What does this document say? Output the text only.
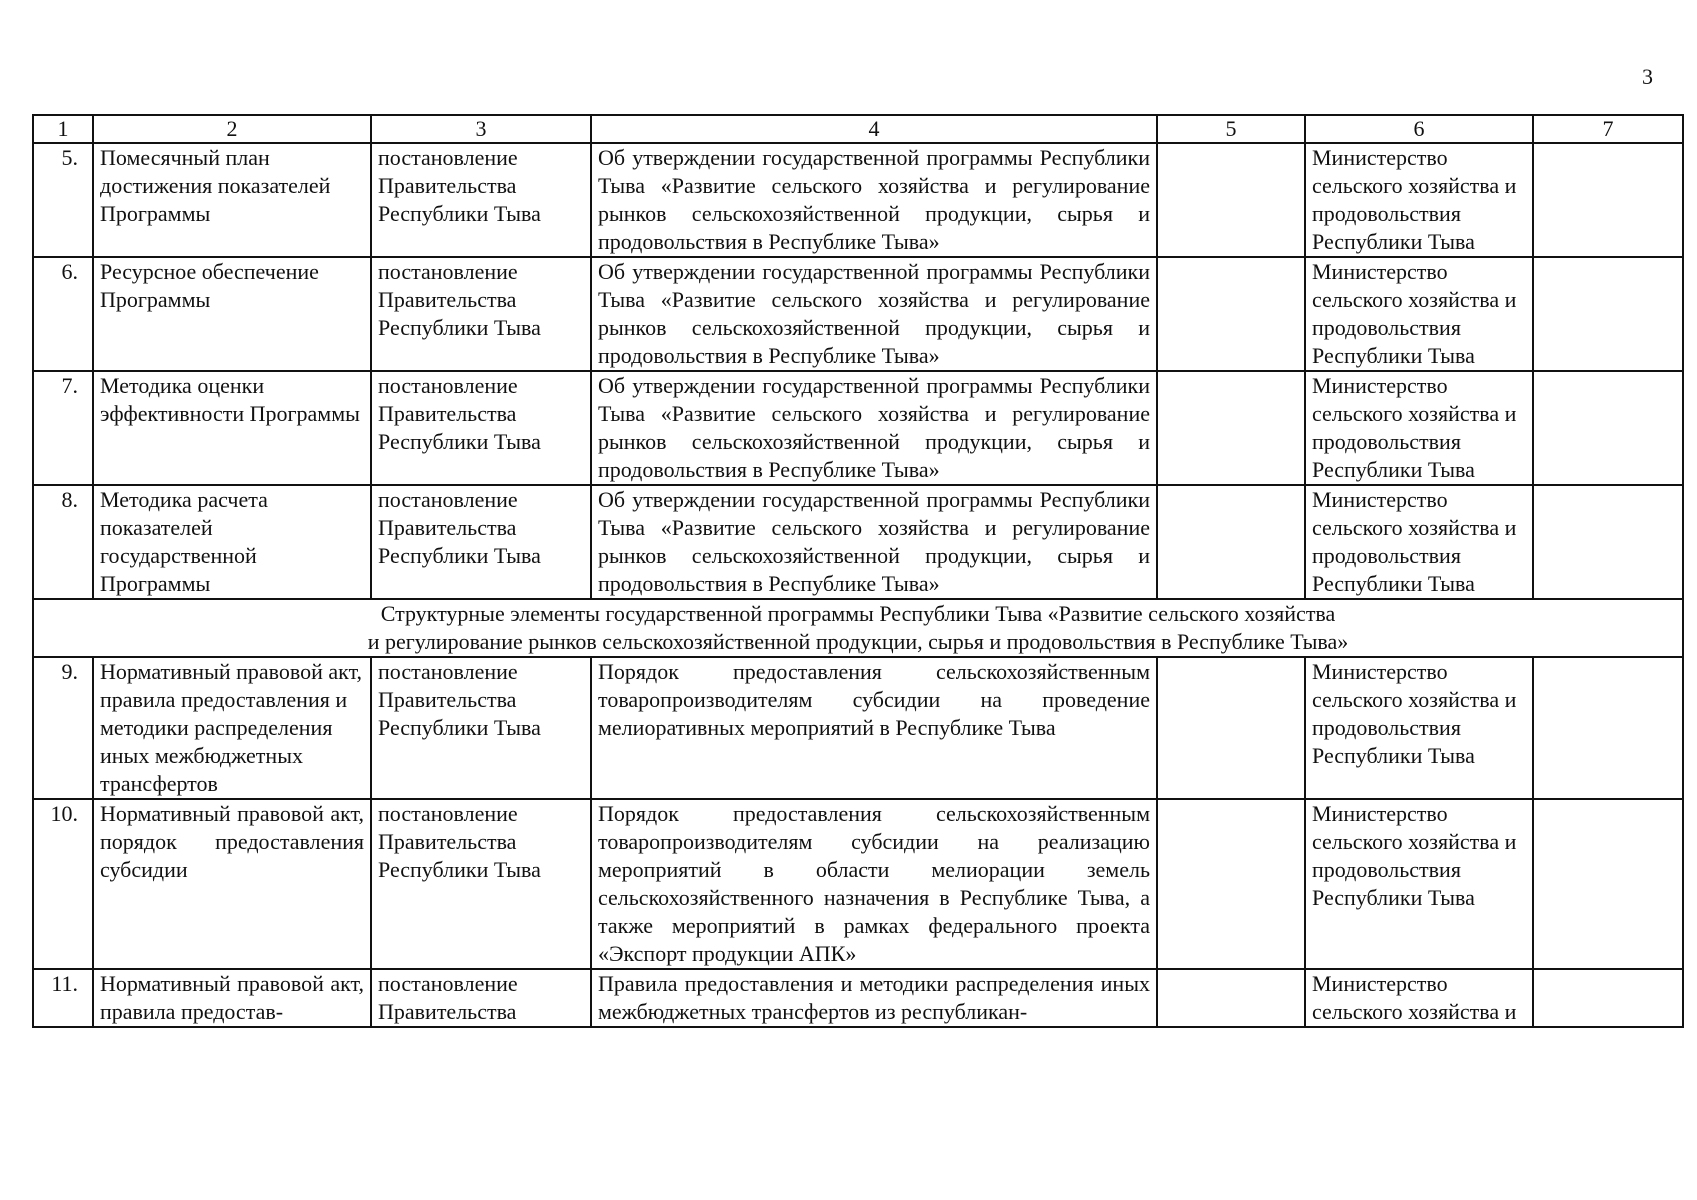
3
1	2	3	4	5	6	7
5.	Помесячный план достижения показателей Программы	постановление Правительства Республики Тыва	Об утверждении государственной программы Республики Тыва «Развитие сельского хозяйства и регулирование рынков сельскохозяйственной продукции, сырья и продовольствия в Республике Тыва»		Министерство сельского хозяйства и продовольствия Республики Тыва	
6.	Ресурсное обеспечение Программы	постановление Правительства Республики Тыва	Об утверждении государственной программы Республики Тыва «Развитие сельского хозяйства и регулирование рынков сельскохозяйственной продукции, сырья и продовольствия в Республике Тыва»		Министерство сельского хозяйства и продовольствия Республики Тыва	
7.	Методика оценки эффективности Программы	постановление Правительства Республики Тыва	Об утверждении государственной программы Республики Тыва «Развитие сельского хозяйства и регулирование рынков сельскохозяйственной продукции, сырья и продовольствия в Республике Тыва»		Министерство сельского хозяйства и продовольствия Республики Тыва	
8.	Методика расчета показателей государственной Программы	постановление Правительства Республики Тыва	Об утверждении государственной программы Республики Тыва «Развитие сельского хозяйства и регулирование рынков сельскохозяйственной продукции, сырья и продовольствия в Республике Тыва»		Министерство сельского хозяйства и продовольствия Республики Тыва	

Структурные элементы государственной программы Республики Тыва «Развитие сельского хозяйства
и регулирование рынков сельскохозяйственной продукции, сырья и продовольствия в Республике Тыва»						

9.	Нормативный правовой акт, правила предоставления и методики распределения иных межбюджетных трансфертов	постановление Правительства Республики Тыва	Порядок предоставления сельскохозяйственным товаропроизводителям субсидии на проведение мелиоративных мероприятий в Республике Тыва		Министерство сельского хозяйства и продовольствия Республики Тыва	
10.	Нормативный правовой акт, порядок предоставления субсидии	постановление Правительства Республики Тыва	Порядок предоставления сельскохозяйственным товаропроизводителям субсидии на реализацию мероприятий в области мелиорации земель сельскохозяйственного назначения в Республике Тыва, а также мероприятий в рамках федерального проекта «Экспорт продукции АПК»		Министерство сельского хозяйства и продовольствия Республики Тыва	
11.	Нормативный правовой акт, правила предостав-	постановление Правительства	Правила предоставления и методики распределения иных межбюджетных трансфертов из республикан-		Министерство сельского хозяйства и	
